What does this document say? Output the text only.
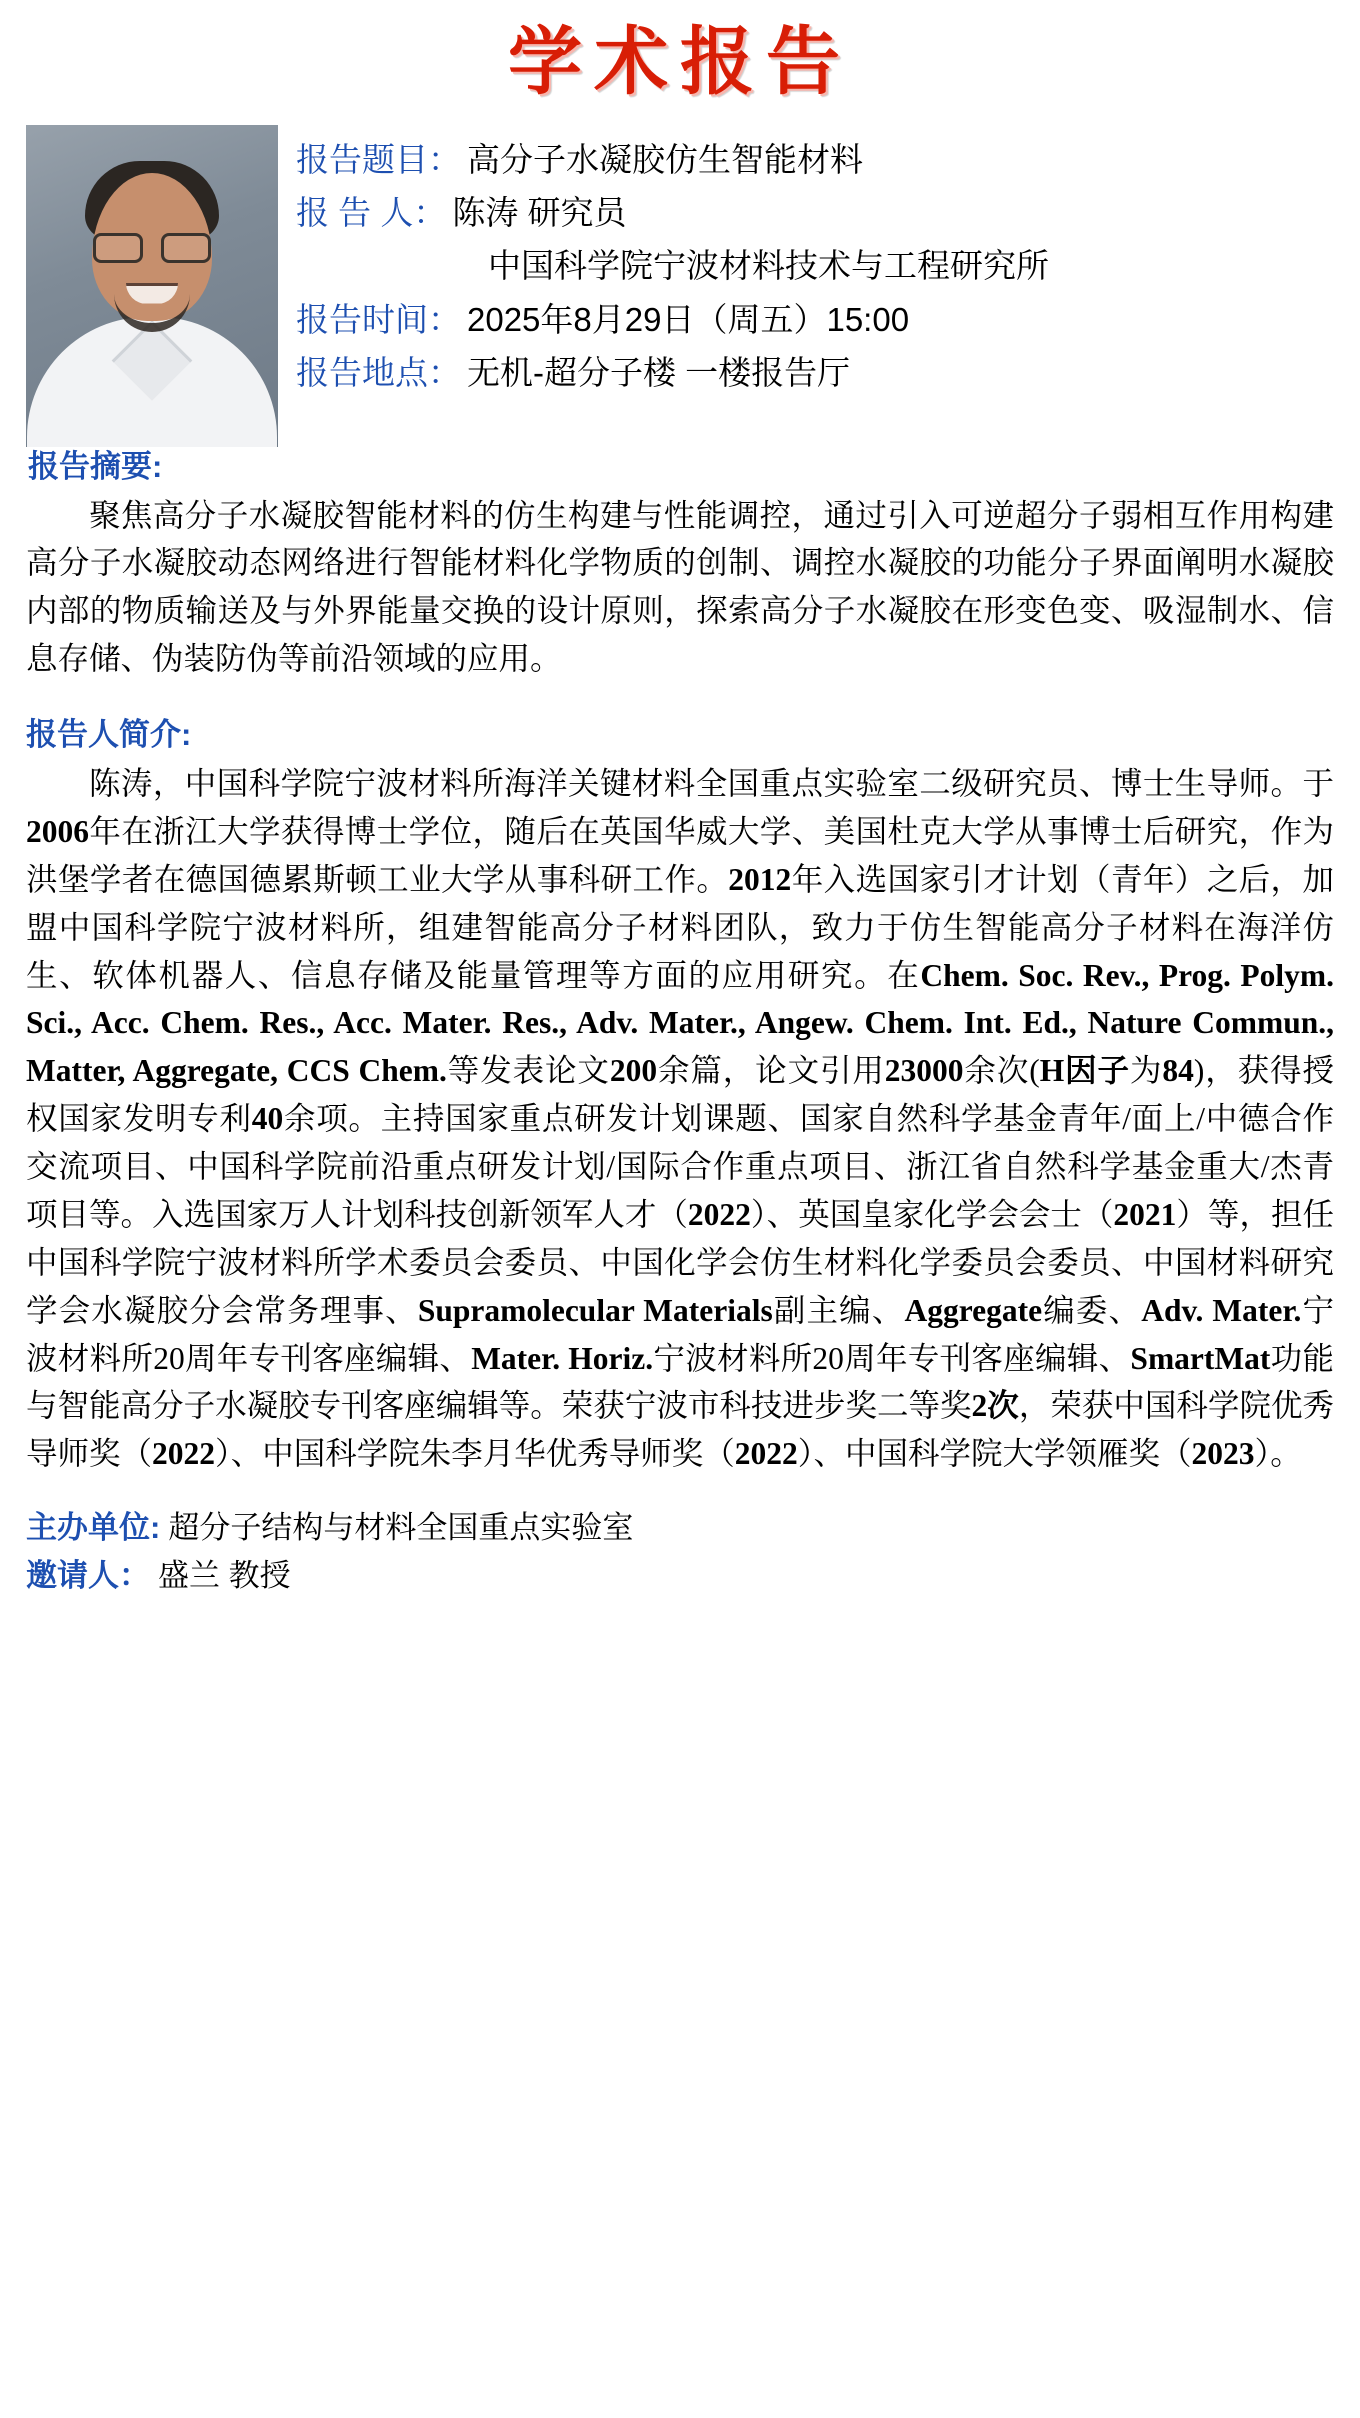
学术报告
报告题目： 高分子水凝胶仿生智能材料
报 告 人： 陈涛 研究员
中国科学院宁波材料技术与工程研究所
报告时间： 2025年8月29日（周五）15:00
报告地点： 无机-超分子楼 一楼报告厅
报告摘要:

聚焦高分子水凝胶智能材料的仿生构建与性能调控，通过引入可逆超分子弱相互作用构建高分子水凝胶动态网络进行智能材料化学物质的创制、调控水凝胶的功能分子界面阐明水凝胶内部的物质输送及与外界能量交换的设计原则，探索高分子水凝胶在形变色变、吸湿制水、信息存储、伪装防伪等前沿领域的应用。

报告人简介:

陈涛，中国科学院宁波材料所海洋关键材料全国重点实验室二级研究员、博士生导师。于2006年在浙江大学获得博士学位，随后在英国华威大学、美国杜克大学从事博士后研究，作为洪堡学者在德国德累斯顿工业大学从事科研工作。2012年入选国家引才计划（青年）之后，加盟中国科学院宁波材料所，组建智能高分子材料团队，致力于仿生智能高分子材料在海洋仿生、软体机器人、信息存储及能量管理等方面的应用研究。在Chem. Soc. Rev., Prog. Polym. Sci., Acc. Chem. Res., Acc. Mater. Res., Adv. Mater., Angew. Chem. Int. Ed., Nature Commun., Matter, Aggregate, CCS Chem.等发表论文200余篇，论文引用23000余次(H因子为84)，获得授权国家发明专利40余项。主持国家重点研发计划课题、国家自然科学基金青年/面上/中德合作交流项目、中国科学院前沿重点研发计划/国际合作重点项目、浙江省自然科学基金重大/杰青项目等。入选国家万人计划科技创新领军人才（2022）、英国皇家化学会会士（2021）等，担任中国科学院宁波材料所学术委员会委员、中国化学会仿生材料化学委员会委员、中国材料研究学会水凝胶分会常务理事、Supramolecular Materials副主编、Aggregate编委、Adv. Mater.宁波材料所20周年专刊客座编辑、Mater. Horiz.宁波材料所20周年专刊客座编辑、SmartMat功能与智能高分子水凝胶专刊客座编辑等。荣获宁波市科技进步奖二等奖2次，荣获中国科学院优秀导师奖（2022）、中国科学院朱李月华优秀导师奖（2022）、中国科学院大学领雁奖（2023）。

主办单位: 超分子结构与材料全国重点实验室
邀请人： 盛兰 教授
